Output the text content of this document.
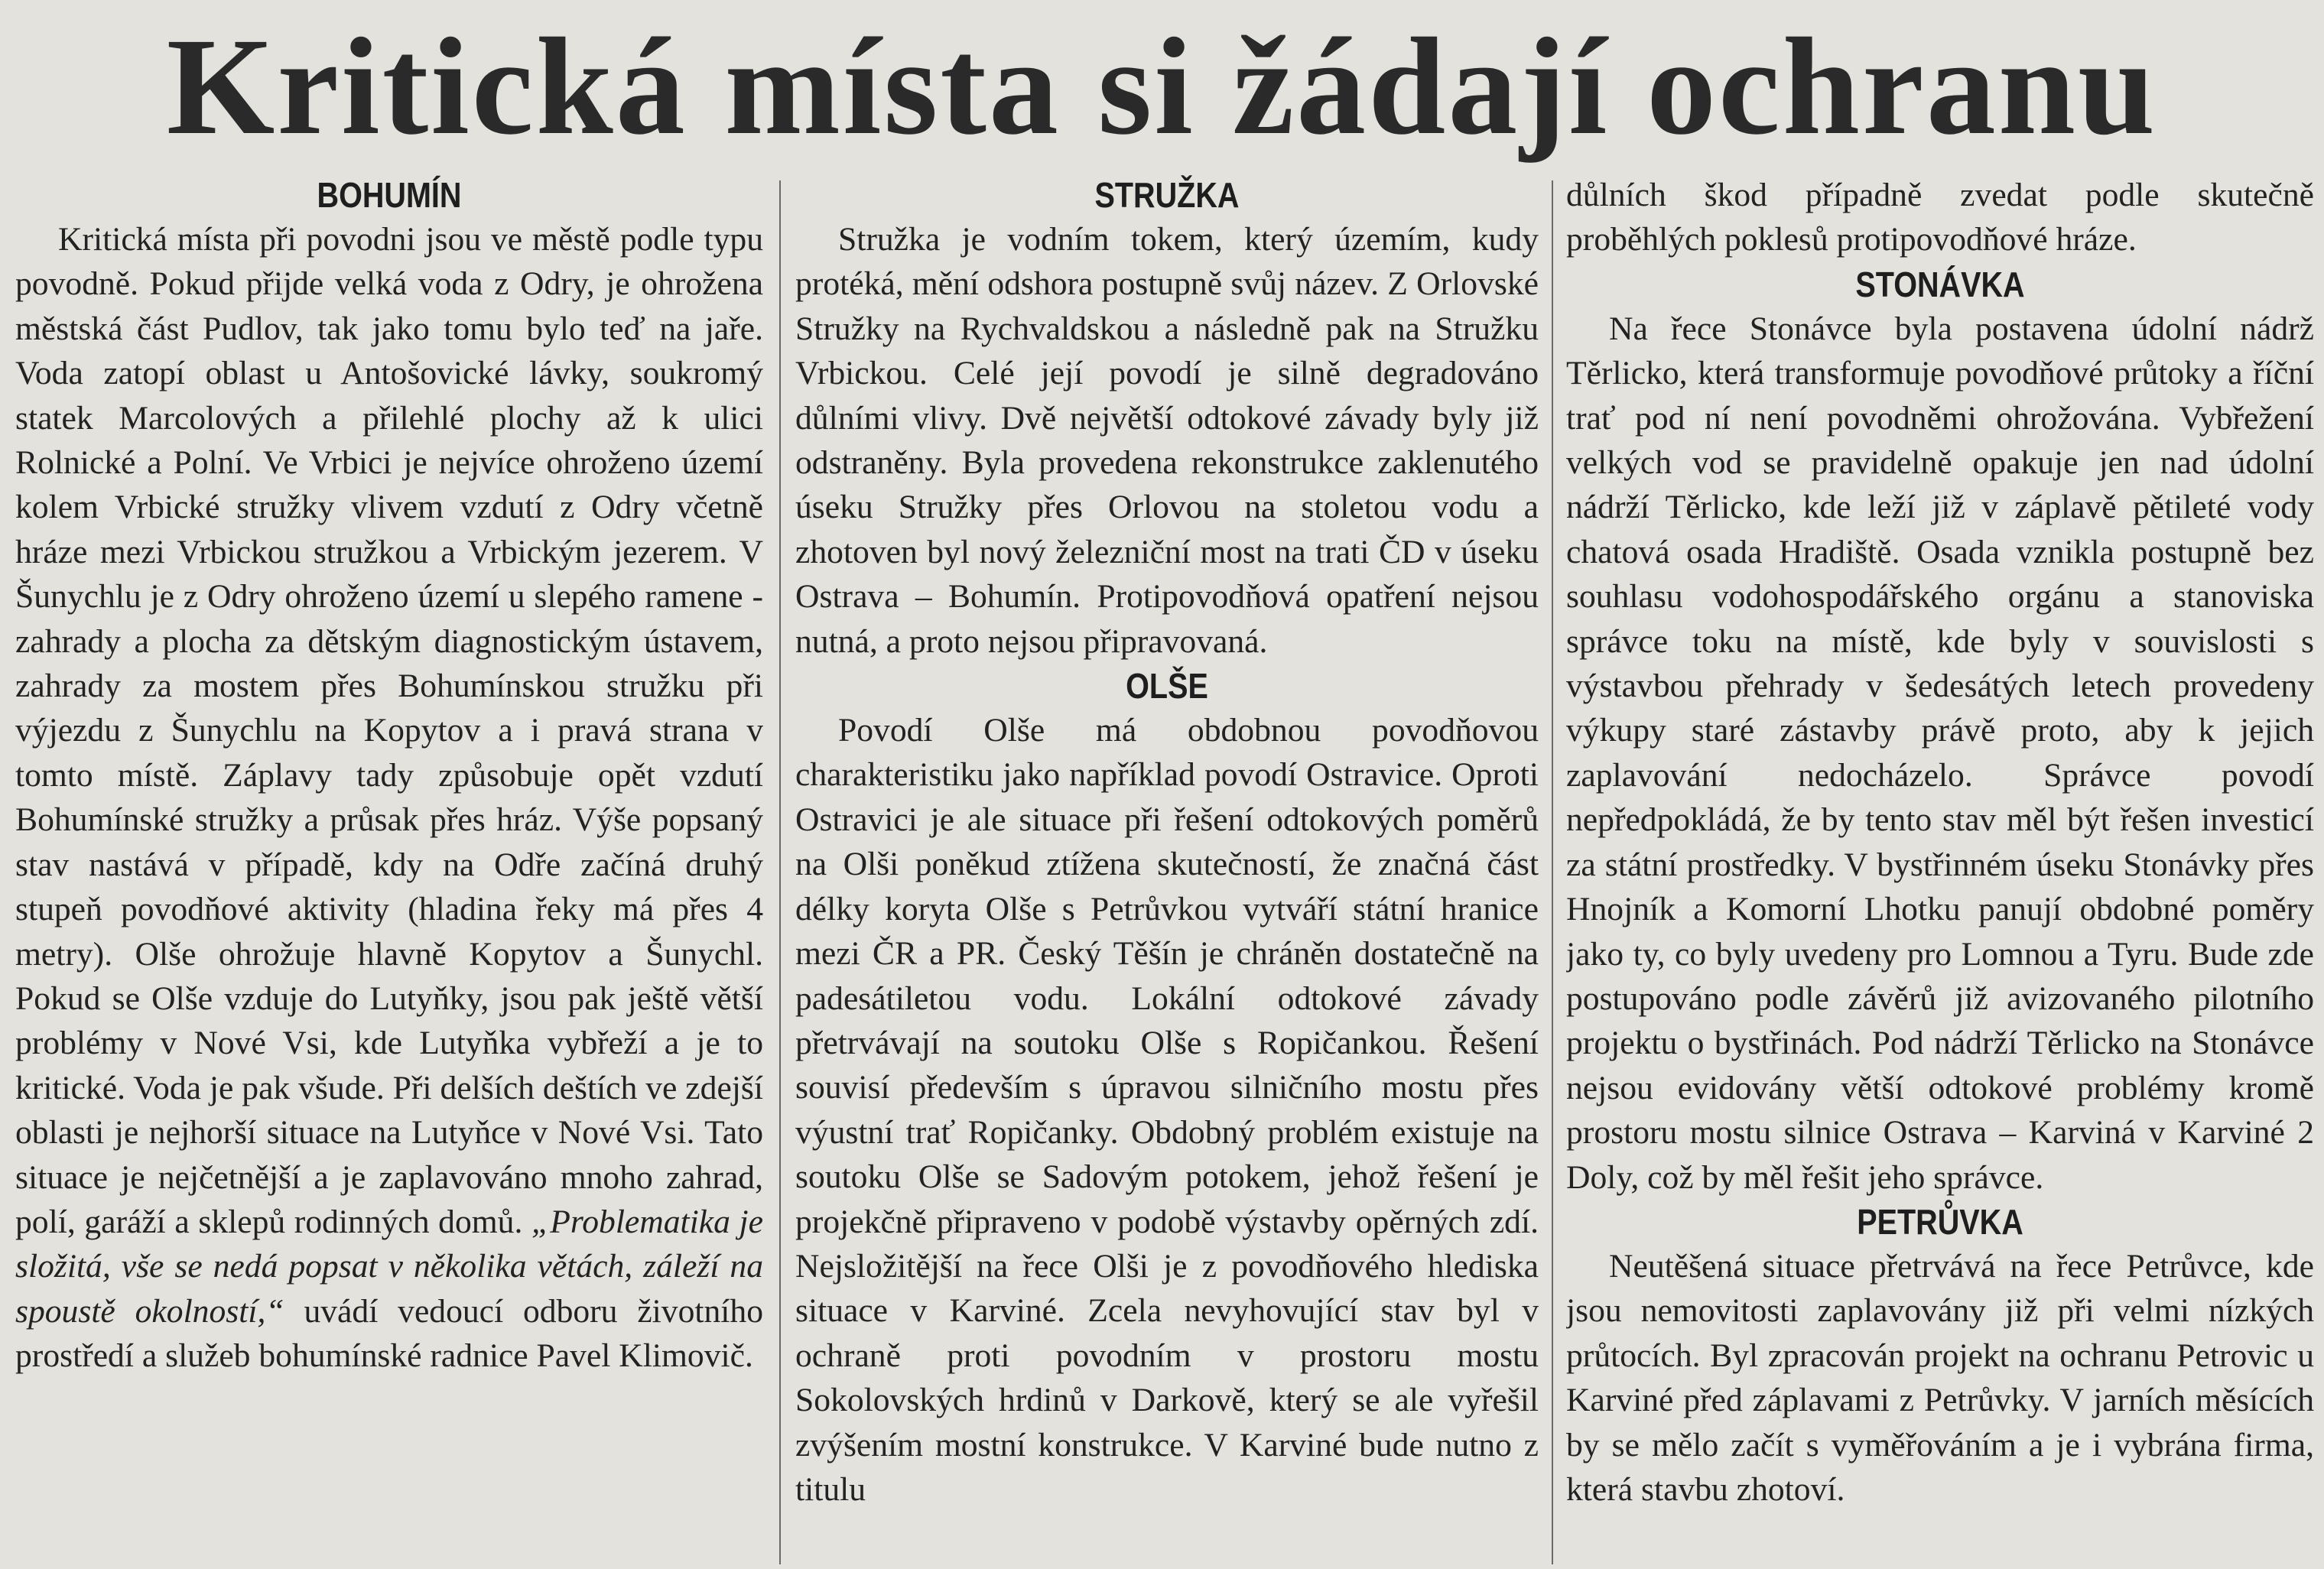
Kritická místa si žádají ochranu
BOHUMÍN

Kritická místa při povodni jsou ve městě podle typu povodně. Pokud přijde velká voda z Odry, je ohrožena městská část Pudlov, tak jako tomu bylo teď na jaře. Voda zatopí oblast u Antošovické lávky, soukromý statek Marcolových a přilehlé plochy až k ulici Rolnické a Polní. Ve Vrbici je nejvíce ohroženo území kolem Vrbické stružky vlivem vzdutí z Odry včetně hráze mezi Vrbickou stružkou a Vrbickým jezerem. V Šunychlu je z Odry ohroženo území u slepého ramene - zahrady a plocha za dětským diagnostickým ústavem, zahrady za mostem přes Bohumínskou stružku při výjezdu z Šunychlu na Kopytov a i pravá strana v tomto místě. Záplavy tady způsobuje opět vzdutí Bohumínské stružky a průsak přes hráz. Výše popsaný stav nastává v případě, kdy na Odře začíná druhý stupeň povodňové aktivity (hladina řeky má přes 4 metry). Olše ohrožuje hlavně Kopytov a Šunychl. Pokud se Olše vzduje do Lutyňky, jsou pak ještě větší problémy v Nové Vsi, kde Lutyňka vybřeží a je to kritické. Voda je pak všude. Při delších deštích ve zdejší oblasti je nejhorší situace na Lutyňce v Nové Vsi. Tato situace je nejčetnější a je zaplavováno mnoho zahrad, polí, garáží a sklepů rodinných domů. „Problematika je složitá, vše se nedá popsat v několika větách, záleží na spoustě okolností,“ uvádí vedoucí odboru životního prostředí a služeb bohumínské radnice Pavel Klimovič.

STRUŽKA

Stružka je vodním tokem, který územím, kudy protéká, mění odshora postupně svůj název. Z Orlovské Stružky na Rychvaldskou a následně pak na Stružku Vrbickou. Celé její povodí je silně degradováno důlními vlivy. Dvě největší odtokové závady byly již odstraněny. Byla provedena rekonstrukce zaklenutého úseku Stružky přes Orlovou na stoletou vodu a zhotoven byl nový železniční most na trati ČD v úseku Ostrava – Bohumín. Protipovodňová opatření nejsou nutná, a proto nejsou připravovaná.

OLŠE

Povodí Olše má obdobnou povodňovou charakteristiku jako například povodí Ostravice. Oproti Ostravici je ale situace při řešení odtokových poměrů na Olši poněkud ztížena skutečností, že značná část délky koryta Olše s Petrůvkou vytváří státní hranice mezi ČR a PR. Český Těšín je chráněn dostatečně na padesátiletou vodu. Lokální odtokové závady přetrvávají na soutoku Olše s Ropičankou. Řešení souvisí především s úpravou silničního mostu přes výustní trať Ropičanky. Obdobný problém existuje na soutoku Olše se Sadovým potokem, jehož řešení je projekčně připraveno v podobě výstavby opěrných zdí. Nejsložitější na řece Olši je z povodňového hlediska situace v Karviné. Zcela nevyhovující stav byl v ochraně proti povodním v prostoru mostu Sokolovských hrdinů v Darkově, který se ale vyřešil zvýšením mostní konstrukce. V Karviné bude nutno z titulu

důlních škod případně zvedat podle skutečně proběhlých poklesů protipovodňové hráze.

STONÁVKA

Na řece Stonávce byla postavena údolní nádrž Těrlicko, která transformuje povodňové průtoky a říční trať pod ní není povodněmi ohrožována. Vybřežení velkých vod se pravidelně opakuje jen nad údolní nádrží Těrlicko, kde leží již v záplavě pětileté vody chatová osada Hradiště. Osada vznikla postupně bez souhlasu vodohospodářského orgánu a stanoviska správce toku na místě, kde byly v souvislosti s výstavbou přehrady v šedesátých letech provedeny výkupy staré zástavby právě proto, aby k jejich zaplavování nedocházelo. Správce povodí nepředpokládá, že by tento stav měl být řešen investicí za státní prostředky. V bystřinném úseku Stonávky přes Hnojník a Komorní Lhotku panují obdobné poměry jako ty, co byly uvedeny pro Lomnou a Tyru. Bude zde postupováno podle závěrů již avizovaného pilotního projektu o bystřinách. Pod nádrží Těrlicko na Stonávce nejsou evidovány větší odtokové problémy kromě prostoru mostu silnice Ostrava – Karviná v Karviné 2 Doly, což by měl řešit jeho správce.

PETRŮVKA

Neutěšená situace přetrvává na řece Petrůvce, kde jsou nemovitosti zaplavovány již při velmi nízkých průtocích. Byl zpracován projekt na ochranu Petrovic u Karviné před záplavami z Petrůvky. V jarních měsících by se mělo začít s vyměřováním a je i vybrána firma, která stavbu zhotoví.
